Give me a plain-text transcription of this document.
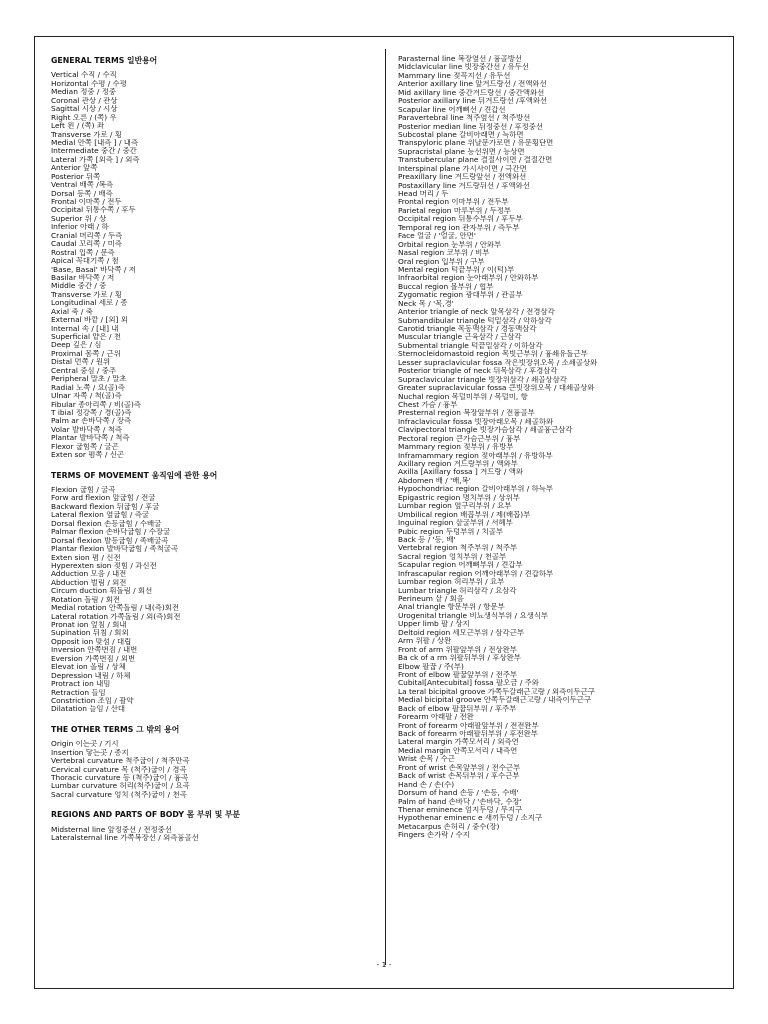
GENERAL TERMS 일반용어
Vertical 수직 / 수직
Horizontal 수평 / 수평
Median 정중 / 정중
Coronal 관상 / 관상
Sagittal 시상 / 시상
Right 오른 / (쪽) 우
Left 왼 / (쪽) 좌
Transverse 가로 / 횡
Medial 안쪽 [내측 ] / 내측
Intermediate 중간 / 중간
Lateral 가쪽 [외측 ] / 외측
Anterior 앞쪽
Posterior 뒤쪽
Ventral 배쪽 /복측
Dorsal 등쪽 / 배측
Frontal 이마쪽 / 전두
Occipital 뒤통수쪽 / 후두
Superior 위 / 상
Inferior 아래 / 하
Cranial 머리쪽 / 두측
Caudal 꼬리쪽 / 미측
Rostral 입쪽 / 문측
Apical 꼭대기쪽 / 첨
'Base, Basal' 바닥쪽 / 저
Basilar 바닥쪽 / 저
Middle 중간 / 중
Transverse 가로 / 횡
Longitudinal 세로 / 종
Axial 축 / 축
External 바깥 / [외] 외
Internal 속 / [내] 내
Superficial 얕은 / 천
Deep 깊은 / 심
Proximal 몸쪽 / 근위
Distal 먼쪽 / 원위
Central 중심 / 중추
Peripheral 말초 / 말초
Radial 노쪽 / 요(골)측
Ulnar 자쪽 / 척(골)측
Fibular 종아리쪽 / 비(골)측
T ibial 정강쪽 / 경(골)측
Palm ar 손바닥쪽 / 장측
Volar 발바닥쪽 / 척측
Plantar 발바닥쪽 / 척측
Flexor 굽힘쪽 / 굴곤
Exten sor 폄쪽 / 신곤
TERMS OF MOVEMENT 움직임에 관한 용어
Flexion 굽힘 / 굴곡
Forw ard flexion 앞굽힘 / 전굴
Backward flexion 뒤굽힘 / 후굴
Lateral flexion 옆굽힘 / 측굴
Dorsal flexion 손등굽힘 / 수배굴
Palmar flexion 손바닥굽힘 / 수장굴
Dorsal flexion 발등굽힘 / 족배굴곡
Plantar flexion 발바닥굽힘 / 족척굴곡
Exten sion 폄 / 신전
Hyperexten sion 젖힘 / 과신전
Adduction 모음 / 내전
Abduction 벌림 / 외전
Circum duction 휘돌림 / 회선
Rotation 돌림 / 회전
Medial rotation 안쪽돌림 / 내(측)회전
Lateral rotation 가쪽돌림 / 외(측)회전
Pronat ion 엎침 / 회내
Supination 뒤침 / 회외
Opposit ion 맞섬 / 대립
Inversion 안쪽번짐 / 내번
Eversion 가쪽번짐 / 외번
Elevat ion 올림 / 상체
Depression 내림 / 하체
Protract ion 내밈
Retraction 들임
Constriction 조임 / 괄약
Dilatation 늘임 / 산대
THE OTHER TERMS 그 밖의 용어
Origin 이는곳 / 기시
Insertion 닿는곳 / 종지
Vertebral curvature 척주굽이 / 척주만곡
Cervical curvature 목 (척주)굽이 / 경곡
Thoracic curvature 등 (척주)굽이 / 흉곡
Lumbar curvature 허리(척주)굽이 / 요곡
Sacral curvature 엉치 (척주)굽이 / 천곡
REGIONS AND PARTS OF BODY 몸 부위 및 부분
Midsternal line 앞정중선 / 전정중선
Lateralsternal line 가쪽복장선 / 외측흉골선
Parasternal line 복장옆선 / 흉골방선
Midclavicular line 빗장중간선 / 유두선
Mammary line 젖꼭지선 / 유두선
Anterior axillary line 앞겨드랑선 / 전액와선
Mid axillary line 중간겨드랑선 / 중간액와선
Posterior axillary line 뒤겨드랑선 /후액와선
Scapular line 어깨뼈선 / 견갑선
Paravertebral line 척주옆선 / 척주방선
Posterior median line 뒤정중선 / 후정중선
Subcostal plane 갈비아래면 / 늑하면
Transpyloric plane 위날문가로면 / 유문횡단면
Supracristal plane 능선위면 / 능상면
Transtubercular plane 결절사이면 / 결절간면
Interspinal plane 가시사이면 / 극간면
Preaxillary line 겨드랑앞선 / 전액와선
Postaxillary line 겨드랑뒤선 / 후액와선
Head 머리 / 두
Frontal region 이마부위 / 전두부
Parietal region 마루부위 / 두정부
Occipital region 뒤통수부위 / 후두부
Temporal reg ion 관자부위 / 측두부
Face 얼굴 / '얼굴, 안면'
Orbital region 눈부위 / 안와부
Nasal region 코부위 / 비부
Oral region 입부위 / 구부
Mental region 턱끝부위 / 이(턱)부
Infraorbital region 눈아래부위 / 안와하부
Buccal region 볼부위 / 협부
Zygomatic region 광대부위 / 관골부
Neck 목 / '목,경'
Anterior triangle of neck 앞목삼각 / 전경삼각
Submandibular triangle 턱밑삼각 / 악하삼각
Carotid triangle 목동맥삼각 / 경동맥삼각
Muscular triangle 근육삼각 / 근삼각
Submental triangle 턱끝밑삼각 / 이하삼각
Sternocleidomastoid region 목빗근부위 / 흉쇄유돌근부
Lesser supraclavicular fossa 작은빗장위오목 / 소쇄골상와
Posterior triangle of neck 뒤목삼각 / 후경삼각
Supraclavicular triangle 빗장위삼각 / 쇄골상삼각
Greater supraclavicular fossa 큰빗장위오목 / 대쇄골상와
Nuchal region 목덜미부위 / 목덜미, 항
Chest 가슴 / 흉부
Presternal region 복장앞부위 / 전흉골부
Infraclavicular fossa 빗장아래오목 / 쇄골하와
Clavipectoral triangle 빗장가슴삼각 / 쇄골흉근삼각
Pectoral region 큰가슴근부위 / 흉부
Mammary region 젖부위 / 유방부
Inframammary region 젖아래부위 / 유방하부
Axillary region 겨드랑부위 / 액와부
Axilla [Axillary fossa ] 겨드랑 / 액와
Abdomen 배 / '배,복'
Hypochondriac region 갈비아래부위 / 하늑부
Epigastric region 명치부위 / 상위부
Lumbar region 옆구리부위 / 요부
Umbilical region 배꼽부위 / 제(배꼽)부
Inguinal region 샅굴부위 / 서혜부
Pubic region 두덩부위 / 치골부
Back 등 / '등, 배'
Vertebral region 척주부위 / 척주부
Sacral region 엉치부위 / 천골부
Scapular region 어깨뼈부위 / 견갑부
Infrascapular region 어깨아래부위 / 견갑하부
Lumbar region 허리부위 / 요부
Lumbar triangle 허리삼각 / 요삼각
Perineum 샅 / 회음
Anal triangle 항문부위 / 항문부
Urogenital triangle 비뇨생식부위 / 요생식부
Upper limb 팔 / 상지
Deltoid region 세모근부위 / 삼각근부
Arm 위팔 / 상완
Front of arm 위팔앞부위 / 전상완부
Ba ck of a rm 위팔뒤부위 / 후상완부
Elbow 팔꿉 / 주(부)
Front of elbow 팔꿉앞부위 / 전주부
Cubital[Antecubital] fossa 팔오금 / 주와
La teral bicipital groove 가쪽두갈래근고랑 / 외측이두근구
Medial bicipital groove 안쪽두갈래근고랑 / 내측이두근구
Back of elbow 팔꿉뒤부위 / 후주부
Forearm 아래팔 / 전완
Front of forearm 아래팔앞부위 / 전전완부
Back of forearm 아래팔뒤부위 / 후전완부
Lateral margin 가쪽모서리 / 외측연
Medial margin 안쪽모서리 / 내측연
Wrist 손목 / 수근
Front of wrist 손목앞부위 / 전수근부
Back of wrist 손목뒤부위 / 후수근부
Hand 손 / 손(수)
Dorsum of hand 손등 / '손등, 수배'
Palm of hand 손바닥 / '손바닥, 수장'
Thenar eminence 엄지두덩 / 무지구
Hypothenar eminenc e 새끼두덩 / 소지구
Metacarpus 손허리 / 중수(장)
Fingers 손가락 / 수지
- 1 -
